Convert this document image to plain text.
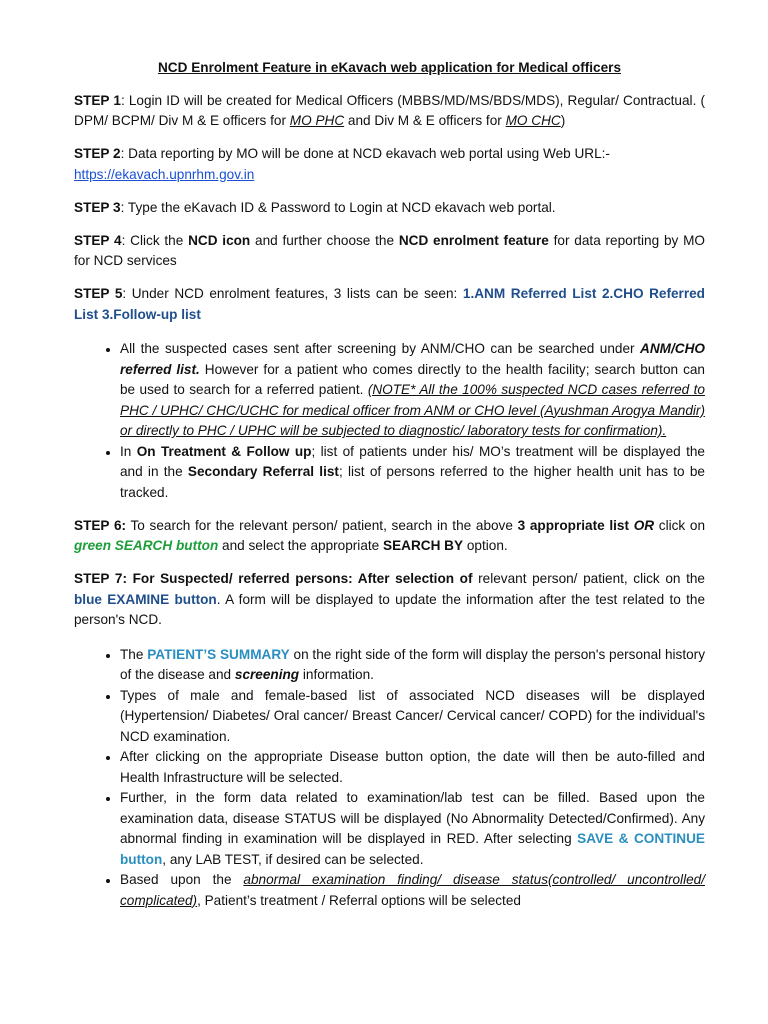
NCD Enrolment Feature in eKavach web application for Medical officers

STEP 1: Login ID will be created for Medical Officers (MBBS/MD/MS/BDS/MDS), Regular/ Contractual. ( DPM/ BCPM/ Div M & E officers for MO PHC and Div M & E officers for MO CHC)

STEP 2: Data reporting by MO will be done at NCD ekavach web portal using Web URL:-
https://ekavach.upnrhm.gov.in

STEP 3: Type the eKavach ID & Password to Login at NCD ekavach web portal.

STEP 4: Click the NCD icon and further choose the NCD enrolment feature for data reporting by MO for NCD services

STEP 5: Under NCD enrolment features, 3 lists can be seen: 1.ANM Referred List 2.CHO Referred List 3.Follow-up list

• All the suspected cases sent after screening by ANM/CHO can be searched under ANM/CHO referred list. However for a patient who comes directly to the health facility; search button can be used to search for a referred patient. (NOTE* All the 100% suspected NCD cases referred to PHC / UPHC/ CHC/UCHC for medical officer from ANM or CHO level (Ayushman Arogya Mandir) or directly to PHC / UPHC will be subjected to diagnostic/ laboratory tests for confirmation).
• In On Treatment & Follow up; list of patients under his/ MO’s treatment will be displayed the and in the Secondary Referral list; list of persons referred to the higher health unit has to be tracked.

STEP 6: To search for the relevant person/ patient, search in the above 3 appropriate list OR click on green SEARCH button and select the appropriate SEARCH BY option.

STEP 7: For Suspected/ referred persons: After selection of relevant person/ patient, click on the blue EXAMINE button. A form will be displayed to update the information after the test related to the person's NCD.

• The PATIENT’S SUMMARY on the right side of the form will display the person's personal history of the disease and screening information.
• Types of male and female-based list of associated NCD diseases will be displayed (Hypertension/ Diabetes/ Oral cancer/ Breast Cancer/ Cervical cancer/ COPD) for the individual's NCD examination.
• After clicking on the appropriate Disease button option, the date will then be auto-filled and Health Infrastructure will be selected.
• Further, in the form data related to examination/lab test can be filled. Based upon the examination data, disease STATUS will be displayed (No Abnormality Detected/Confirmed). Any abnormal finding in examination will be displayed in RED. After selecting SAVE & CONTINUE button, any LAB TEST, if desired can be selected.
• Based upon the abnormal examination finding/ disease status(controlled/ uncontrolled/ complicated), Patient’s treatment / Referral options will be selected
